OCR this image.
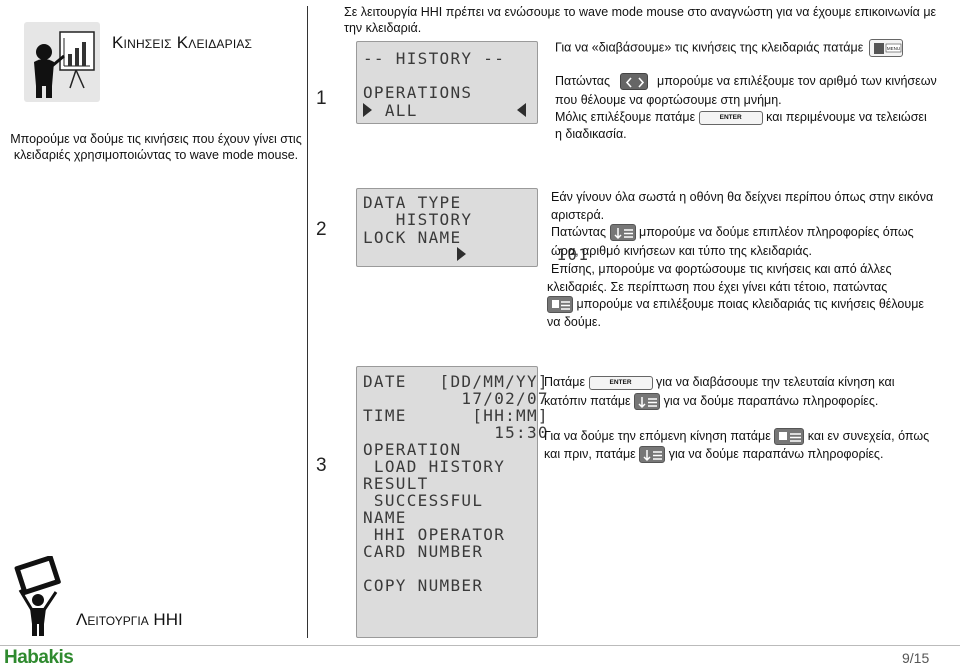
Κινησεις Κλειδαριας
Μπορούμε να δούμε τις κινήσεις που έχουν γίνει στις κλειδαριές χρησιμοποιώντας το wave mode mouse.
Σε λειτουργία HHI πρέπει να ενώσουμε το wave mode mouse στο αναγνώστη για να έχουμε επικοινωνία με την κλειδαριά.
1
-- HISTORY --
OPERATIONS
ALL
Για να «διαβάσουμε» τις κινήσεις της κλειδαριάς πατάμε	MENU
Πατώντας	μπορούμε να επιλέξουμε τον αριθμό των κινήσεων
που θέλουμε να φορτώσουμε στη μνήμη.
Μόλις επιλέξουμε πατάμε	ENTER και περιμένουμε να τελειώσει
η διαδικασία.
2
DATA TYPE
HISTORY
LOCK NAME
101
Εάν γίνουν όλα σωστά η οθόνη θα δείχνει περίπου όπως στην εικόνα
αριστερά.
Πατώντας	μπορούμε να δούμε επιπλέον πληροφορίες όπως
ώρα, αριθμό κινήσεων και τύπο της κλειδαριάς.
Επίσης, μπορούμε να φορτώσουμε τις κινήσεις και από άλλες
κλειδαριές. Σε περίπτωση που έχει γίνει κάτι τέτοιο, πατώντας
μπορούμε να επιλέξουμε ποιας κλειδαριάς τις κινήσεις θέλουμε
να δούμε.
3
DATE   [DD/MM/YY]
17/02/07
TIME      [HH:MM]
15:30
OPERATION
LOAD HISTORY
RESULT
SUCCESSFUL
NAME
HHI OPERATOR
CARD NUMBER
COPY NUMBER
Πατάμε	ENTER για να διαβάσουμε την τελευταία κίνηση και
κατόπιν πατάμε	για να δούμε παραπάνω πληροφορίες.
Για να δούμε την επόμενη κίνηση πατάμε	και εν συνεχεία, όπως
και πριν, πατάμε	για να δούμε παραπάνω πληροφορίες.
Λειτουργια HHI
Habakis	9/15
